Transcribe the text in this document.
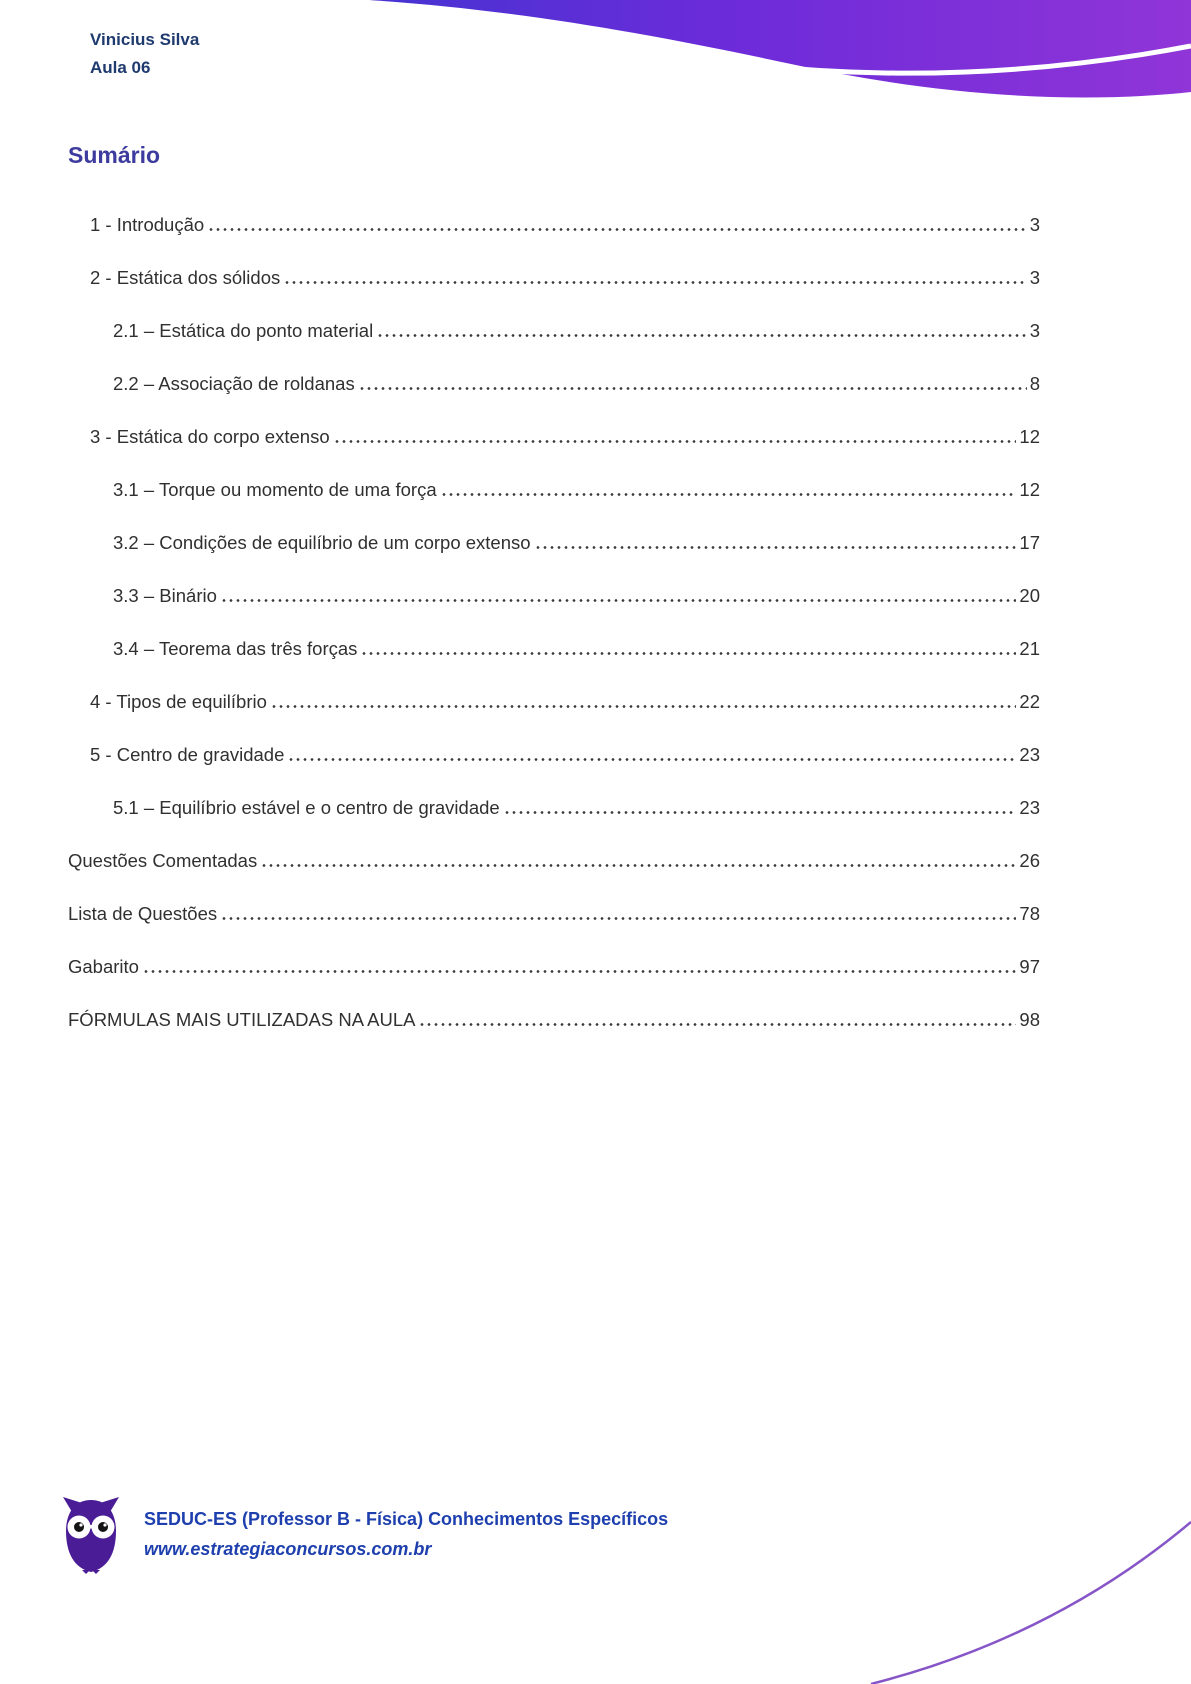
Vinicius Silva
Aula 06
Sumário
1 - Introdução	3
2 - Estática dos sólidos	3
2.1 – Estática do ponto material	3
2.2 – Associação de roldanas	8
3 - Estática do corpo extenso	12
3.1 – Torque ou momento de uma força	12
3.2 – Condições de equilíbrio de um corpo extenso	17
3.3 – Binário	20
3.4 – Teorema das três forças	21
4 - Tipos de equilíbrio	22
5 - Centro de gravidade	23
5.1 – Equilíbrio estável e o centro de gravidade	23
Questões Comentadas	26
Lista de Questões	78
Gabarito	97
FÓRMULAS MAIS UTILIZADAS NA AULA	98
SEDUC-ES (Professor B - Física) Conhecimentos Específicos
www.estrategiaconcursos.com.br
